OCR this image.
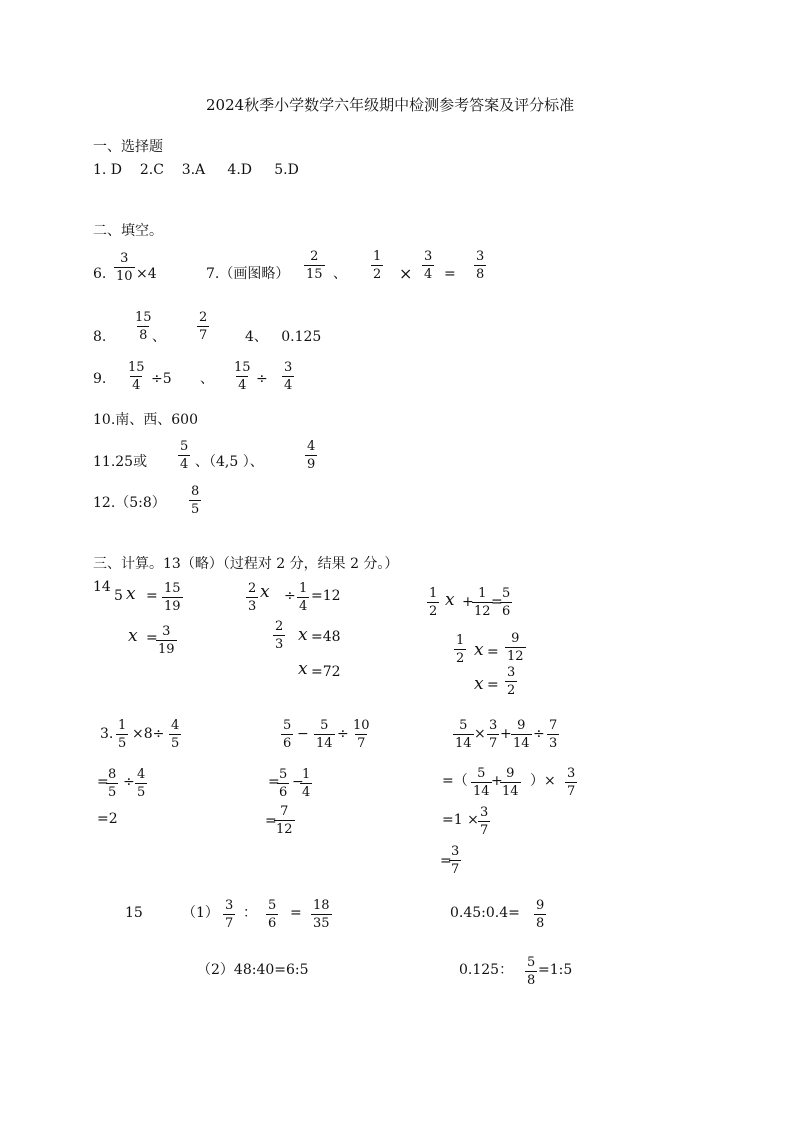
2024秋季小学数学六年级期中检测参考答案及评分标准
一、选择题
1. D    2.C    3.A     4.D     5.D
二、填空。
6. $\frac{3}{10} \times 4$	7.（画图略） $\frac{2}{15}$ 、 $\frac{1}{2} \times \frac{3}{4} = \frac{3}{8}$
8. $\frac{15}{8}$
、 $\frac{2}{7}$	4、   0.125
9. $\frac{15}{4} \div 5$ 、 $\frac{15}{4} \div \frac{3}{4}$
10.南、西、600
11.25或 $\frac{5}{4}$ 、（4,5 ）、	$\frac{4}{9}$
12.（5:8） $\frac{8}{5}$
三、计算。13（略）（过程对 2 分，结果 2 分。）
14
5 $x = \frac{15}{19}$
x =
$\frac{3}{19}$
$\frac{2}{3}$ $x \div \frac{1}{4} =12$
$\frac{2}{3}$ x =48
x =72
$\frac{1}{2}$ x +
$\frac{1}{12}$
=
$\frac{5}{6}$
$\frac{1}{2}$ $x = \frac{9}{12}$
$x = \frac{3}{2}$
3. $\frac{1}{5} \times 8\div \frac{4}{5}$
=
$\frac{8}{5} \div \frac{4}{5}$
=2
$\frac{5}{6} - \frac{5}{14} \div \frac{10}{7}$
=
$\frac{5}{6}$ −
$\frac{1}{4}$
=
$\frac{7}{12}$
$\frac{5}{14} \times \frac{3}{7} + \frac{9}{14} \div \frac{7}{3}$
=（ $\frac{5}{14}$ +
$\frac{9}{14}$ ）× $\frac{3}{7}$
$=1 \times \frac{3}{7}$
=
$\frac{3}{7}$
15	$(1) \frac{3}{7}$ ： $\frac{5}{6} = \frac{18}{35}$	0.45:0.4= $\frac{9}{8}$
（2）48:40=6:5	0.125： $\frac{5}{8}$ =1:5
